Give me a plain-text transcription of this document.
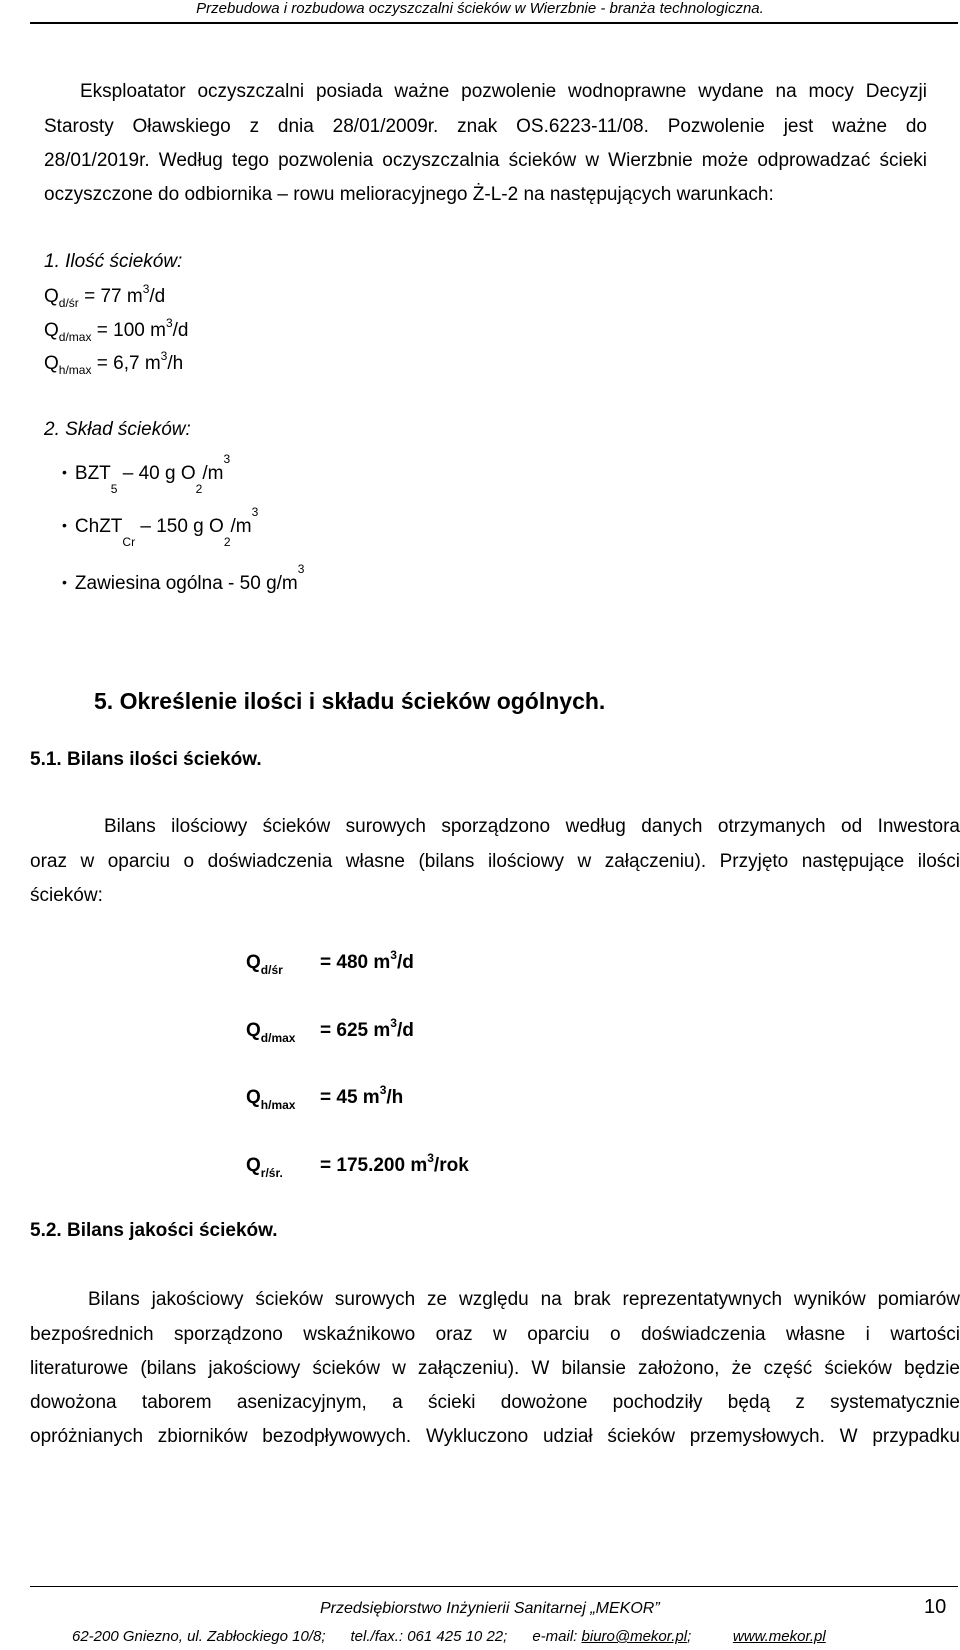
Przebudowa i rozbudowa oczyszczalni ścieków w Wierzbnie - branża technologiczna.
Eksploatator oczyszczalni posiada ważne pozwolenie wodnoprawne wydane na mocy Decyzji
Starosty Oławskiego z dnia 28/01/2009r. znak OS.6223-11/08. Pozwolenie jest ważne do
28/01/2019r. Według tego pozwolenia oczyszczalnia ścieków w Wierzbnie może odprowadzać ścieki
oczyszczone do odbiornika – rowu melioracyjnego Ż-L-2 na następujących warunkach:
1. Ilość ścieków:
$Q_{d/śr} = 77$ $m^3/d$
$Q_{d/max} = 100$ $m^3/d$
$Q_{h/max} = 6,7$ $m^3/h$
2. Skład ścieków:
• $BZT_5 - 40$ g $O_2/m^3$
• ChZT$_{Cr}$ – 150 g $O_2/m^3$
• Zawiesina ogólna - 50 $g/m^3$
5. Określenie ilości i składu ścieków ogólnych.
5.1. Bilans ilości ścieków.
Bilans ilościowy ścieków surowych sporządzono według danych otrzymanych od Inwestora
oraz w oparciu o doświadczenia własne (bilans ilościowy w załączeniu). Przyjęto następujące ilości
ścieków:
$Q_{d/śr} = 480$ $m^3/d$
$Q_{d/max} = 625$ $m^3/d$
$Q_{h/max} = 45$ $m^3/h$
$Q_{r/śr.} = 175.200$ $m^3$/rok
5.2. Bilans jakości ścieków.
Bilans jakościowy ścieków surowych ze względu na brak reprezentatywnych wyników pomiarów
bezpośrednich sporządzono wskaźnikowo oraz w oparciu o doświadczenia własne i wartości
literaturowe (bilans jakościowy ścieków w załączeniu). W bilansie założono, że część ścieków będzie
dowożona taborem asenizacyjnym, a ścieki dowożone pochodziły będą z systematycznie
opróżnianych zbiorników bezodpływowych. Wykluczono udział ścieków przemysłowych. W przypadku
Przedsiębiorstwo Inżynierii Sanitarnej „MEKOR”	10
62-200 Gniezno, ul. Zabłockiego 10/8; tel./fax.: 061 425 10 22; e-mail: biuro@mekor.pl;	www.mekor.pl
